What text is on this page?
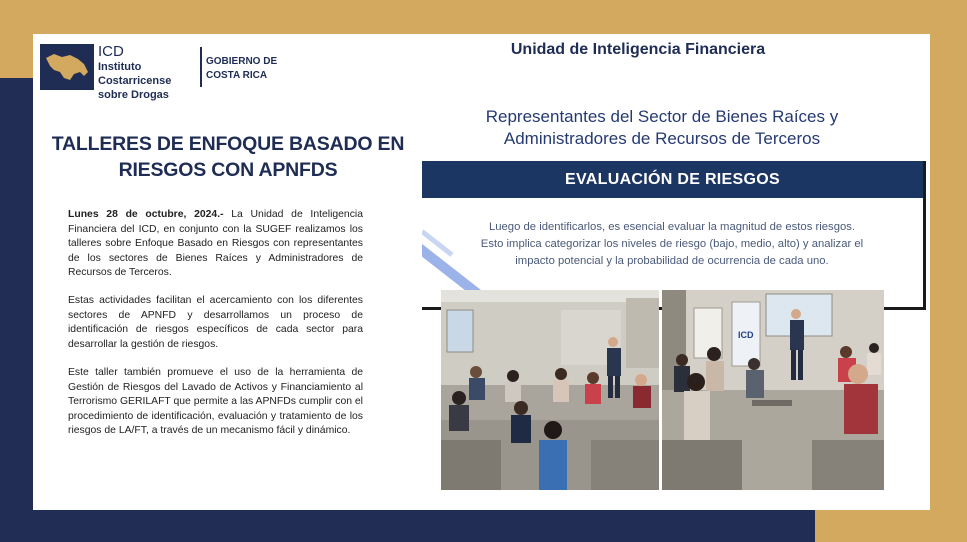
ICD
Instituto Costarricense sobre Drogas
GOBIERNO DE COSTA RICA
Unidad de Inteligencia Financiera
TALLERES DE ENFOQUE BASADO EN RIESGOS CON APNFDS
Lunes 28 de octubre, 2024.- La Unidad de Inteligencia Financiera del ICD, en conjunto con la SUGEF realizamos los talleres sobre Enfoque Basado en Riesgos con representantes de los sectores de Bienes Raíces y Administradores de Recursos de Terceros.
Estas actividades facilitan el acercamiento con los diferentes sectores de APNFD y desarrollamos un proceso de identificación de riesgos específicos de cada sector para desarrollar la gestión de riesgos.
Este taller también promueve el uso de la herramienta de Gestión de Riesgos del Lavado de Activos y Financiamiento al Terrorismo GERILAFT que permite a las APNFDs cumplir con el procedimiento de identificación, evaluación y tratamiento de los riesgos de LA/FT, a través de un mecanismo fácil y dinámico.
Representantes del Sector de Bienes Raíces y Administradores de Recursos de Terceros
EVALUACIÓN DE RIESGOS
Luego de identificarlos, es esencial evaluar la magnitud de estos riesgos. Esto implica categorizar los niveles de riesgo (bajo, medio, alto) y analizar el impacto potencial y la probabilidad de ocurrencia de cada uno.
ICD
